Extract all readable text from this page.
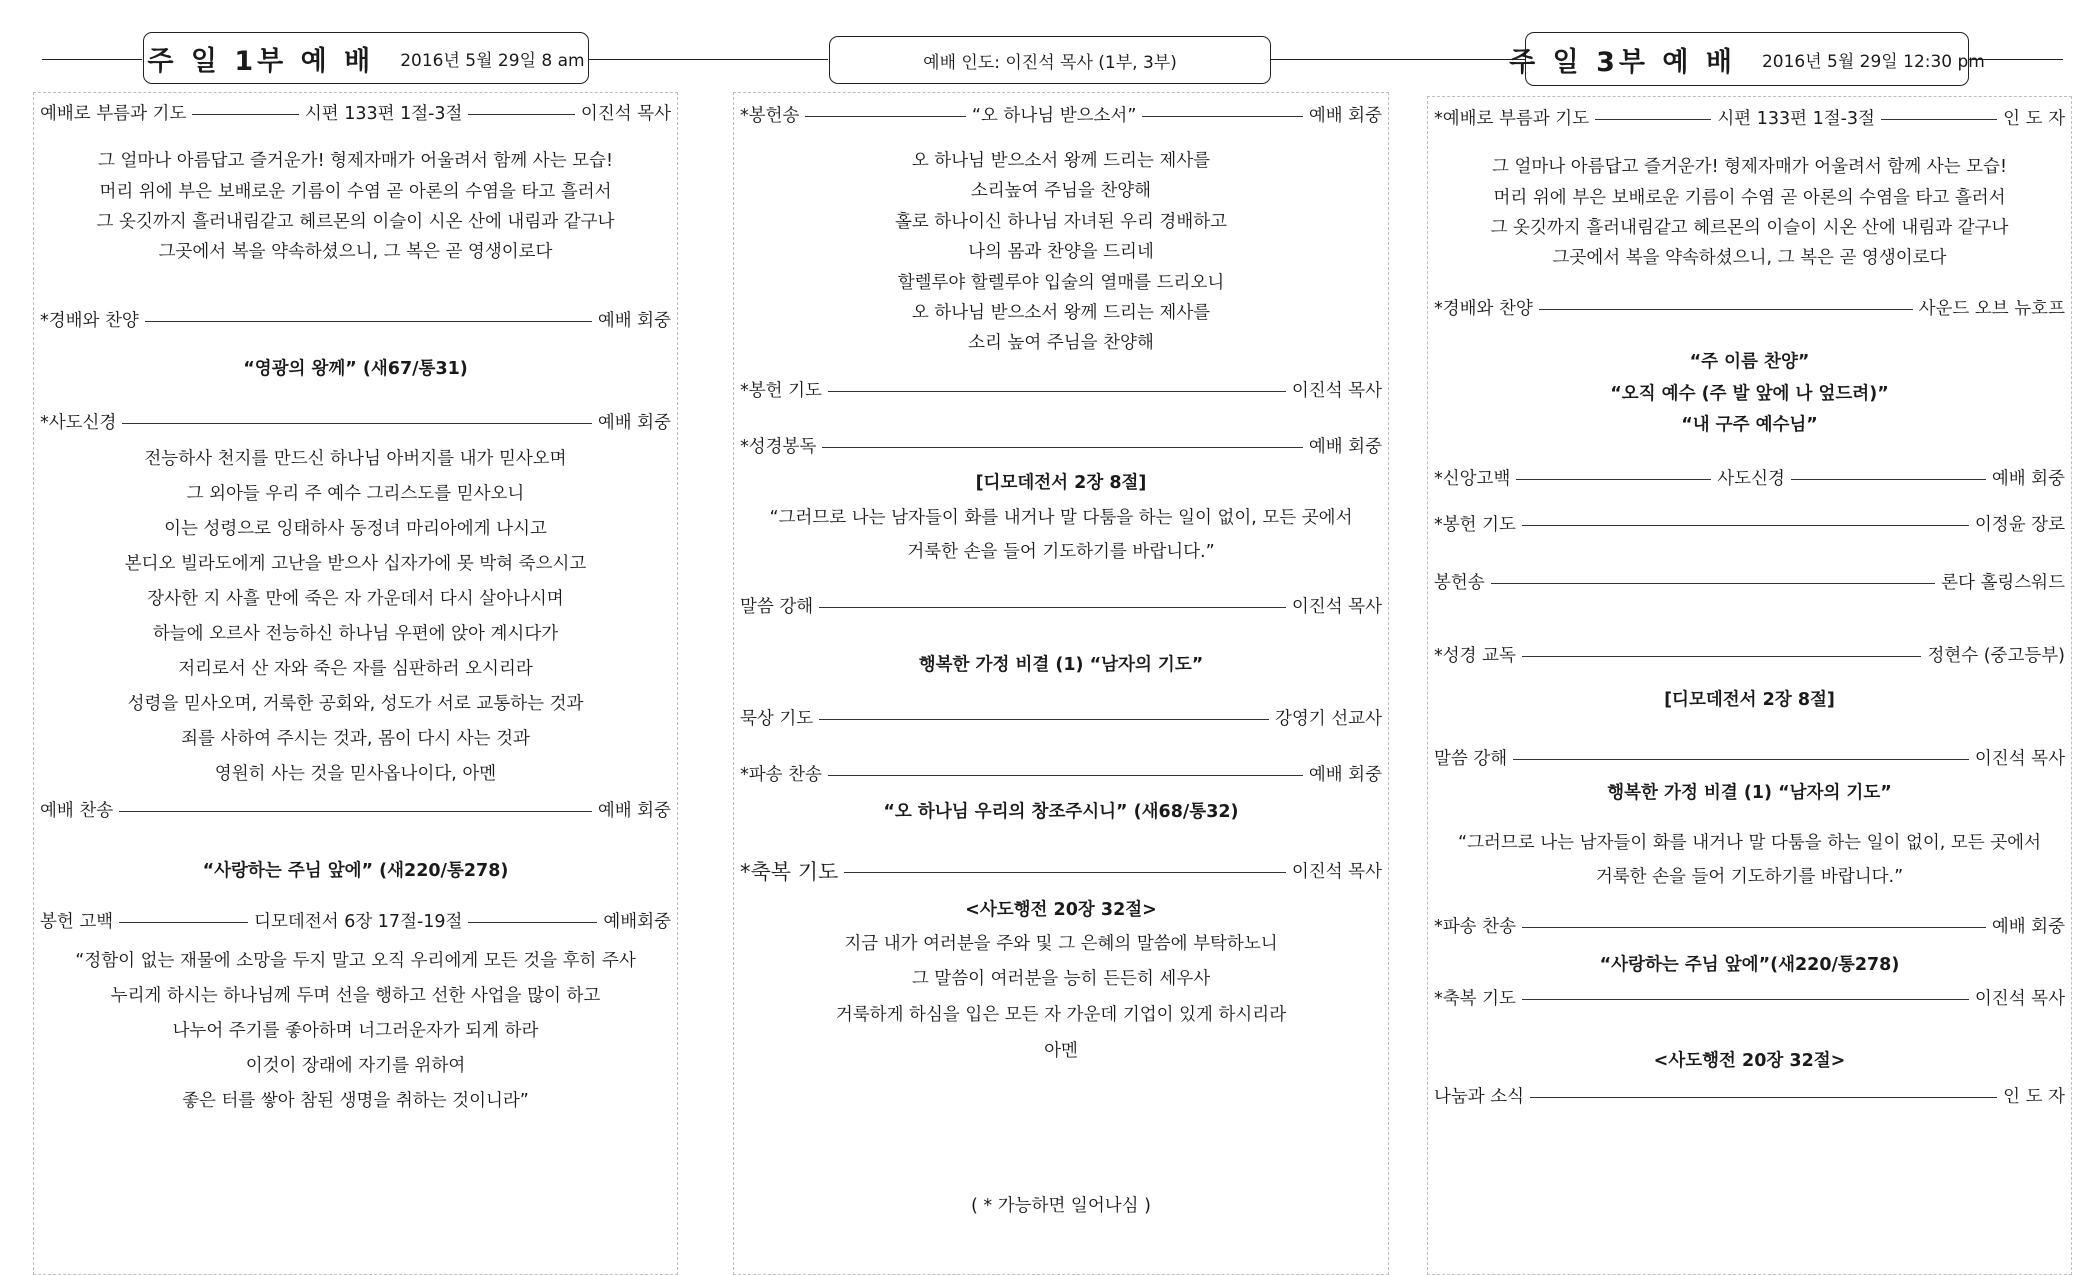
주 일 1부 예 배 2016년 5월 29일 8 am	예배 인도: 이진석 목사 (1부, 3부)	주 일 3부 예 배 2016년 5월 29일 12:30 pm
예배로 부름과 기도	시편 133편 1절-3절	이진석 목사
그 얼마나 아름답고 즐거운가! 형제자매가 어울려서 함께 사는 모습!
머리 위에 부은 보배로운 기름이 수염 곧 아론의 수염을 타고 흘러서
그 옷깃까지 흘러내림같고 헤르몬의 이슬이 시온 산에 내림과 같구나
그곳에서 복을 약속하셨으니, 그 복은 곧 영생이로다
*경배와 찬양	예배 회중
“영광의 왕께” (새67/통31)
*사도신경	예배 회중
전능하사 천지를 만드신 하나님 아버지를 내가 믿사오며
그 외아들 우리 주 예수 그리스도를 믿사오니
이는 성령으로 잉태하사 동정녀 마리아에게 나시고
본디오 빌라도에게 고난을 받으사 십자가에 못 박혀 죽으시고
장사한 지 사흘 만에 죽은 자 가운데서 다시 살아나시며
하늘에 오르사 전능하신 하나님 우편에 앉아 계시다가
저리로서 산 자와 죽은 자를 심판하러 오시리라
성령을 믿사오며, 거룩한 공회와, 성도가 서로 교통하는 것과
죄를 사하여 주시는 것과, 몸이 다시 사는 것과
영원히 사는 것을 믿사옵나이다, 아멘
예배 찬송	예배 회중
“사랑하는 주님 앞에” (새220/통278)
봉헌 고백	디모데전서 6장 17절-19절	예배회중
“정함이 없는 재물에 소망을 두지 말고 오직 우리에게 모든 것을 후히 주사
누리게 하시는 하나님께 두며 선을 행하고 선한 사업을 많이 하고
나누어 주기를 좋아하며 너그러운자가 되게 하라
이것이 장래에 자기를 위하여
좋은 터를 쌓아 참된 생명을 취하는 것이니라”
*봉헌송	“오 하나님 받으소서”	예배 회중
오 하나님 받으소서 왕께 드리는 제사를
소리높여 주님을 찬양해
홀로 하나이신 하나님 자녀된 우리 경배하고
나의 몸과 찬양을 드리네
할렐루야 할렐루야 입술의 열매를 드리오니
오 하나님 받으소서 왕께 드리는 제사를
소리 높여 주님을 찬양해
*봉헌 기도	이진석 목사
*성경봉독	예배 회중
[디모데전서 2장 8절]
“그러므로 나는 남자들이 화를 내거나 말 다툼을 하는 일이 없이, 모든 곳에서
거룩한 손을 들어 기도하기를 바랍니다.”
말씀 강해	이진석 목사
행복한 가정 비결 (1) “남자의 기도”
묵상 기도	강영기 선교사
*파송 찬송	예배 회중
“오 하나님 우리의 창조주시니” (새68/통32)
*축복 기도	이진석 목사
<사도행전 20장 32절>
지금 내가 여러분을 주와 및 그 은혜의 말씀에 부탁하노니
그 말씀이 여러분을 능히 든든히 세우사
거룩하게 하심을 입은 모든 자 가운데 기업이 있게 하시리라
아멘
( * 가능하면 일어나심 )
*예배로 부름과 기도	시편 133편 1절-3절	인 도 자
그 얼마나 아름답고 즐거운가! 형제자매가 어울려서 함께 사는 모습!
머리 위에 부은 보배로운 기름이 수염 곧 아론의 수염을 타고 흘러서
그 옷깃까지 흘러내림같고 헤르몬의 이슬이 시온 산에 내림과 같구나
그곳에서 복을 약속하셨으니, 그 복은 곧 영생이로다
*경배와 찬양	사운드 오브 뉴호프
“주 이름 찬양”
“오직 예수 (주 발 앞에 나 엎드려)”
“내 구주 예수님”
*신앙고백	사도신경	예배 회중
*봉헌 기도	이정윤 장로
봉헌송	론다 홀링스워드
*성경 교독	정현수 (중고등부)
[디모데전서 2장 8절]
말씀 강해	이진석 목사
행복한 가정 비결 (1) “남자의 기도”
“그러므로 나는 남자들이 화를 내거나 말 다툼을 하는 일이 없이, 모든 곳에서
거룩한 손을 들어 기도하기를 바랍니다.”
*파송 찬송	예배 회중
“사랑하는 주님 앞에”(새220/통278)
*축복 기도	이진석 목사
<사도행전 20장 32절>
나눔과 소식	인 도 자
